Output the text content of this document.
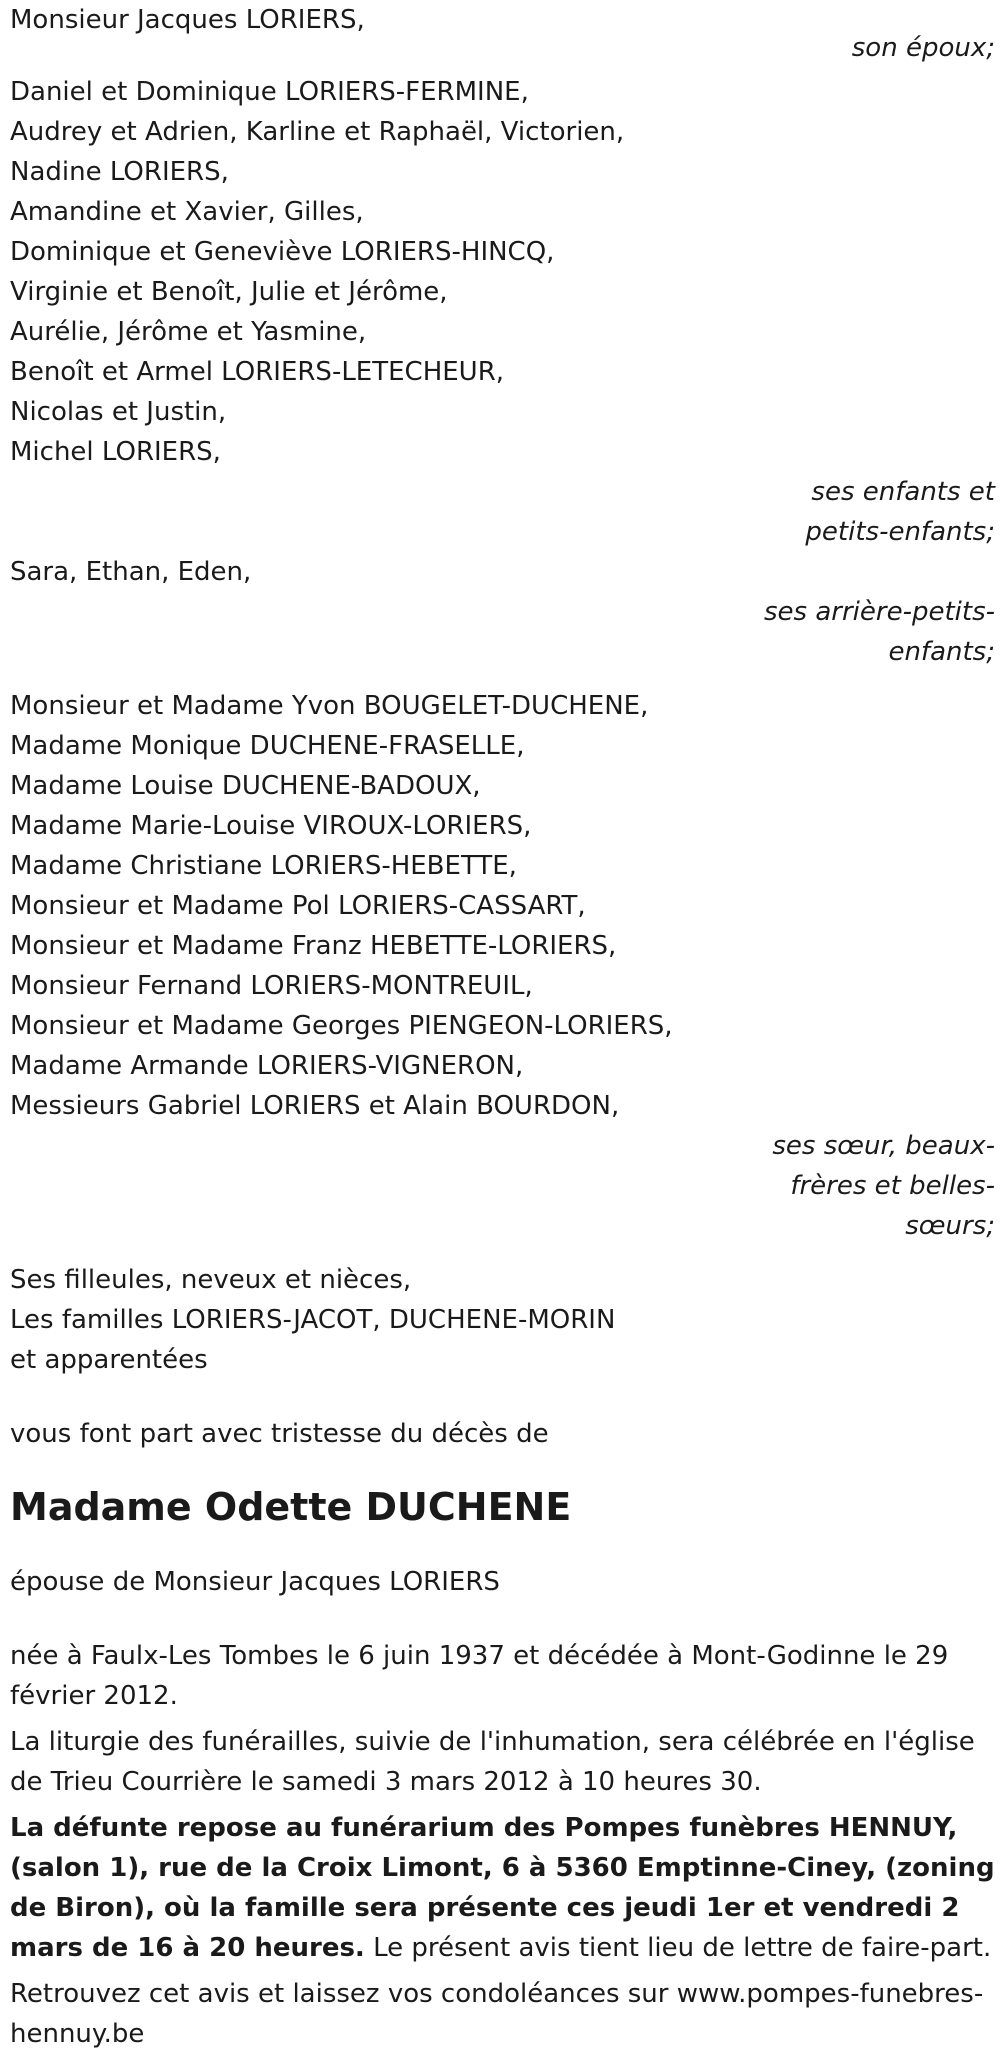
Monsieur Jacques LORIERS,
son époux;
Daniel et Dominique LORIERS-FERMINE,
Audrey et Adrien, Karline et Raphaël, Victorien,
Nadine LORIERS,
Amandine et Xavier, Gilles,
Dominique et Geneviève LORIERS-HINCQ,
Virginie et Benoît, Julie et Jérôme,
Aurélie, Jérôme et Yasmine,
Benoît et Armel LORIERS-LETECHEUR,
Nicolas et Justin,
Michel LORIERS,
ses enfants et
petits-enfants;
Sara, Ethan, Eden,
ses arrière-petits-
enfants;
Monsieur et Madame Yvon BOUGELET-DUCHENE,
Madame Monique DUCHENE-FRASELLE,
Madame Louise DUCHENE-BADOUX,
Madame Marie-Louise VIROUX-LORIERS,
Madame Christiane LORIERS-HEBETTE,
Monsieur et Madame Pol LORIERS-CASSART,
Monsieur et Madame Franz HEBETTE-LORIERS,
Monsieur Fernand LORIERS-MONTREUIL,
Monsieur et Madame Georges PIENGEON-LORIERS,
Madame Armande LORIERS-VIGNERON,
Messieurs Gabriel LORIERS et Alain BOURDON,
ses sœur, beaux-
frères et belles-
sœurs;
Ses filleules, neveux et nièces,
Les familles LORIERS-JACOT, DUCHENE-MORIN
et apparentées
vous font part avec tristesse du décès de
Madame Odette DUCHENE
épouse de Monsieur Jacques LORIERS
née à Faulx-Les Tombes le 6 juin 1937 et décédée à Mont-Godinne le 29 février 2012.
La liturgie des funérailles, suivie de l'inhumation, sera célébrée en l'église de Trieu Courrière le samedi 3 mars 2012 à 10 heures 30.
La défunte repose au funérarium des Pompes funèbres HENNUY, (salon 1), rue de la Croix Limont, 6 à 5360 Emptinne-Ciney, (zoning de Biron), où la famille sera présente ces jeudi 1er et vendredi 2 mars de 16 à 20 heures. Le présent avis tient lieu de lettre de faire-part.
Retrouvez cet avis et laissez vos condoléances sur www.pompes-funebres-hennuy.be
